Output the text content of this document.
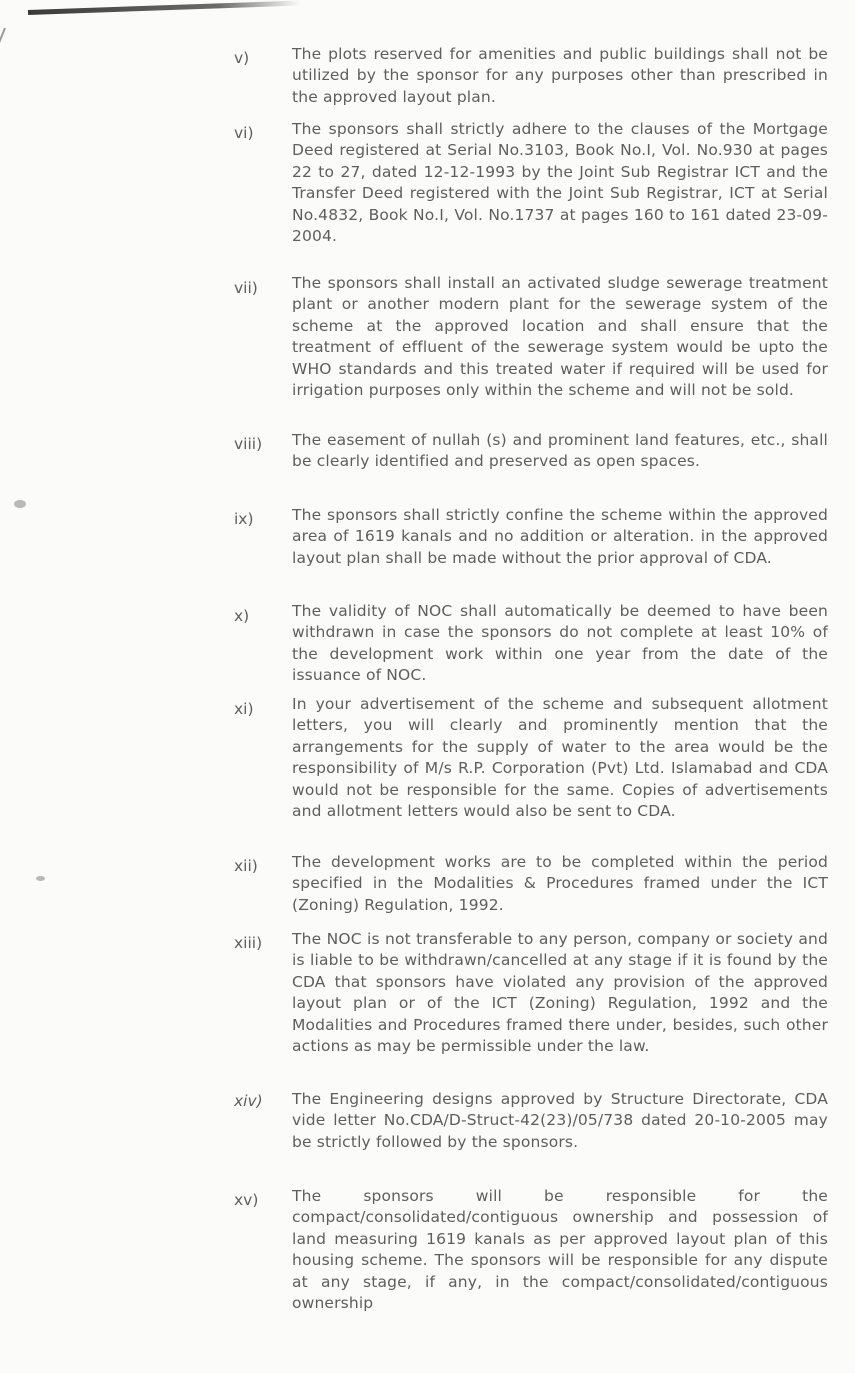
v)	The plots reserved for amenities and public buildings shall not be utilized by the sponsor for any purposes other than prescribed in the approved layout plan.

vi) The sponsors shall strictly adhere to the clauses of the Mortgage Deed registered at Serial No.3103, Book No.I, Vol. No.930 at pages 22 to 27, dated 12-12-1993 by the Joint Sub Registrar ICT and the Transfer Deed registered with the Joint Sub Registrar, ICT at Serial No.4832, Book No.I, Vol. No.1737 at pages 160 to 161 dated 23-09-2004.

vii) The sponsors shall install an activated sludge sewerage treatment plant or another modern plant for the sewerage system of the scheme at the approved location and shall ensure that the treatment of effluent of the sewerage system would be upto the WHO standards and this treated water if required will be used for irrigation purposes only within the scheme and will not be sold.

viii) The easement of nullah (s) and prominent land features, etc., shall be clearly identified and preserved as open spaces.

ix) The sponsors shall strictly confine the scheme within the approved area of 1619 kanals and no addition or alteration. in the approved layout plan shall be made without the prior approval of CDA.

x)	The validity of NOC shall automatically be deemed to have been withdrawn in case the sponsors do not complete at least 10% of the development work within one year from the date of the issuance of NOC.

xi) In your advertisement of the scheme and subsequent allotment letters, you will clearly and prominently mention that the arrangements for the supply of water to the area would be the responsibility of M/s R.P. Corporation (Pvt) Ltd. Islamabad and CDA would not be responsible for the same. Copies of advertisements and allotment letters would also be sent to CDA.

xii) The development works are to be completed within the period specified in the Modalities & Procedures framed under the ICT (Zoning) Regulation, 1992.

xiii) The NOC is not transferable to any person, company or society and is liable to be withdrawn/cancelled at any stage if it is found by the CDA that sponsors have violated any provision of the approved layout plan or of the ICT (Zoning) Regulation, 1992 and the Modalities and Procedures framed there under, besides, such other actions as may be permissible under the law.

xiv) The Engineering designs approved by Structure Directorate, CDA vide letter No.CDA/D-Struct-42(23)/05/738 dated 20-10-2005 may be strictly followed by the sponsors.

xv) The sponsors will be responsible for the compact/consolidated/contiguous ownership and possession of land measuring 1619 kanals as per approved layout plan of this housing scheme. The sponsors will be responsible for any dispute at any stage, if any, in the compact/consolidated/contiguous ownership
